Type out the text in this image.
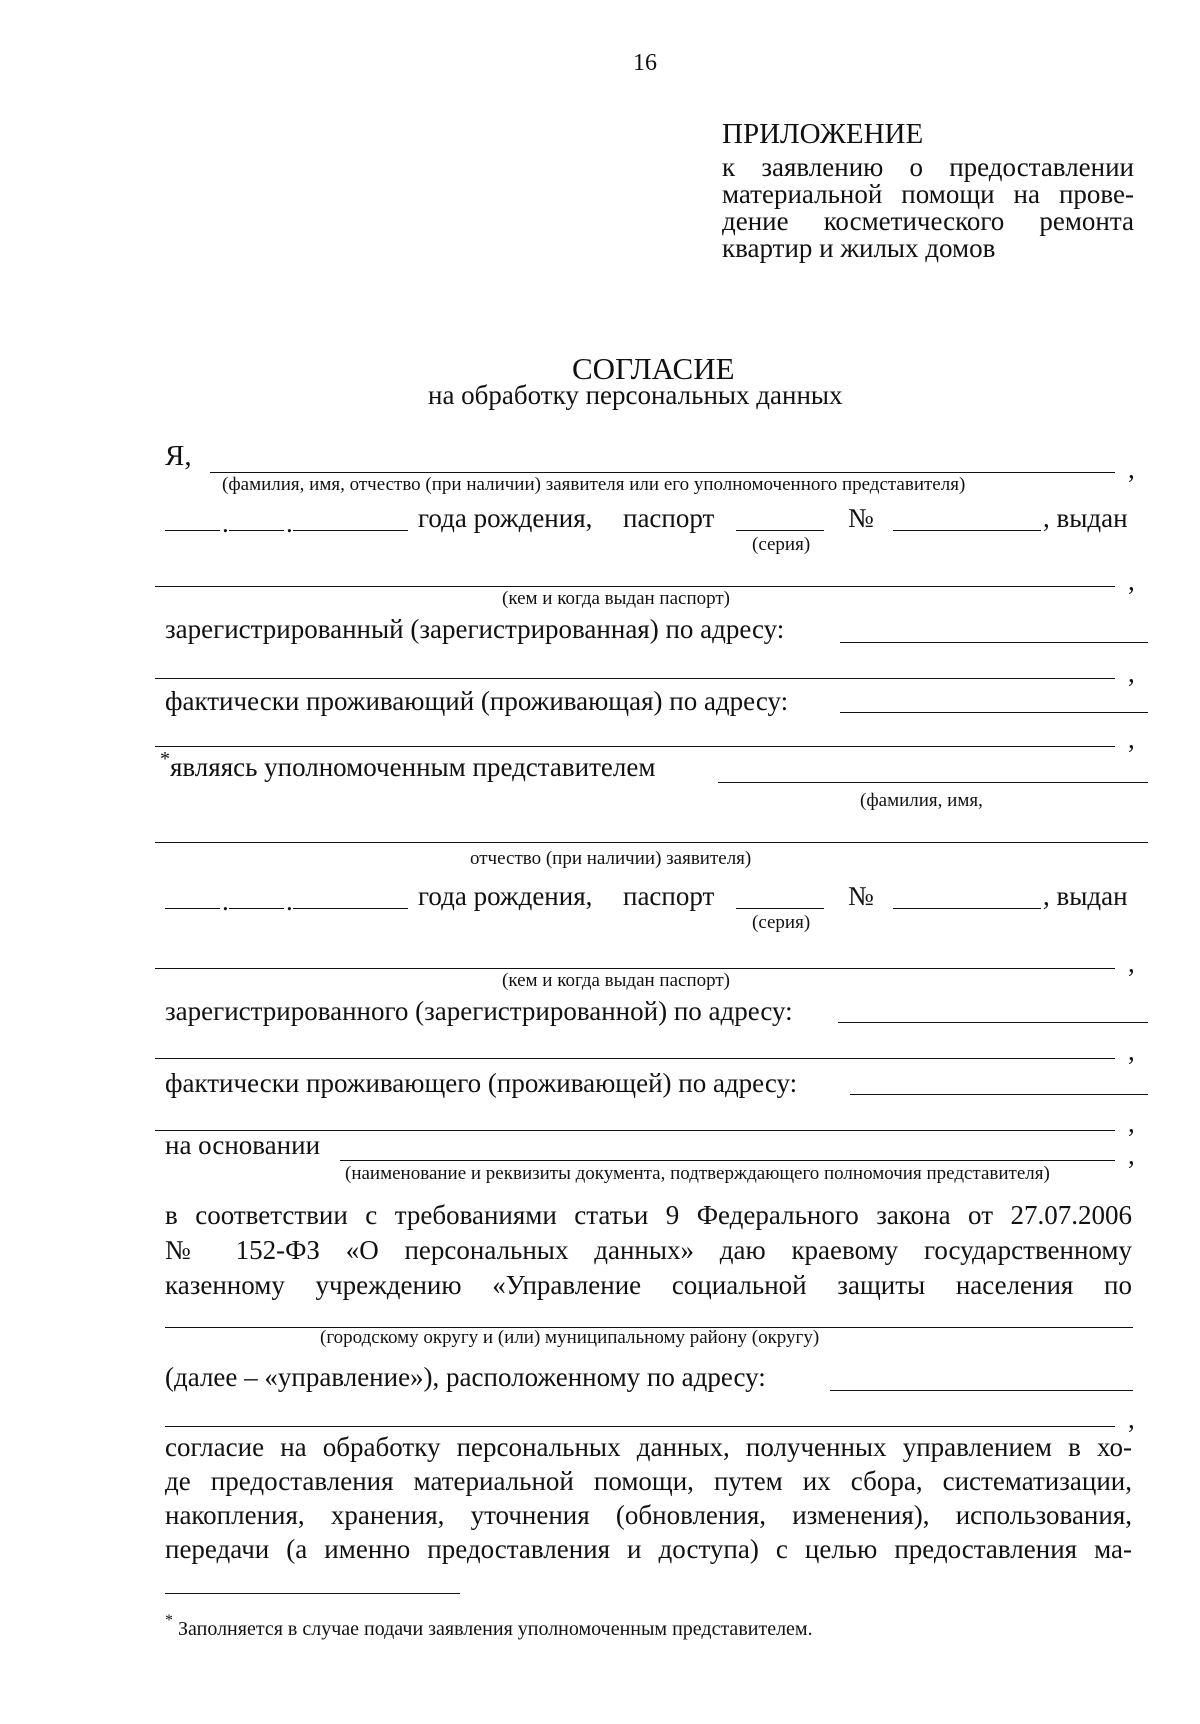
16
ПРИЛОЖЕНИЕ
к заявлению о предоставлении
материальной помощи на прове-
дение косметического ремонта
квартир и жилых домов
СОГЛАСИЕ
на обработку персональных данных
Я,	,
(фамилия, имя, отчество (при наличии) заявителя или его уполномоченного представителя)
. .	года рождения, паспорт	№	, выдан
(серия)
,
(кем и когда выдан паспорт)
зарегистрированный (зарегистрированная) по адресу:
,
фактически проживающий (проживающая) по адресу:
,
* являясь уполномоченным представителем
(фамилия, имя,
отчество (при наличии) заявителя)
. .	года рождения, паспорт	№	, выдан
(серия)
,
(кем и когда выдан паспорт)
зарегистрированного (зарегистрированной) по адресу:
,
фактически проживающего (проживающей) по адресу:
,
на основании	,
(наименование и реквизиты документа, подтверждающего полномочия представителя)
в соответствии с требованиями статьи 9 Федерального закона от 27.07.2006
№ 152-ФЗ «О персональных данных» даю краевому государственному
казенному учреждению «Управление социальной защиты населения по
(городскому округу и (или) муниципальному району (округу)
(далее – «управление»), расположенному по адресу:
,
согласие на обработку персональных данных, полученных управлением в хо-
де предоставления материальной помощи, путем их сбора, систематизации,
накопления, хранения, уточнения (обновления, изменения), использования,
передачи (а именно предоставления и доступа) с целью предоставления ма-
* Заполняется в случае подачи заявления уполномоченным представителем.
